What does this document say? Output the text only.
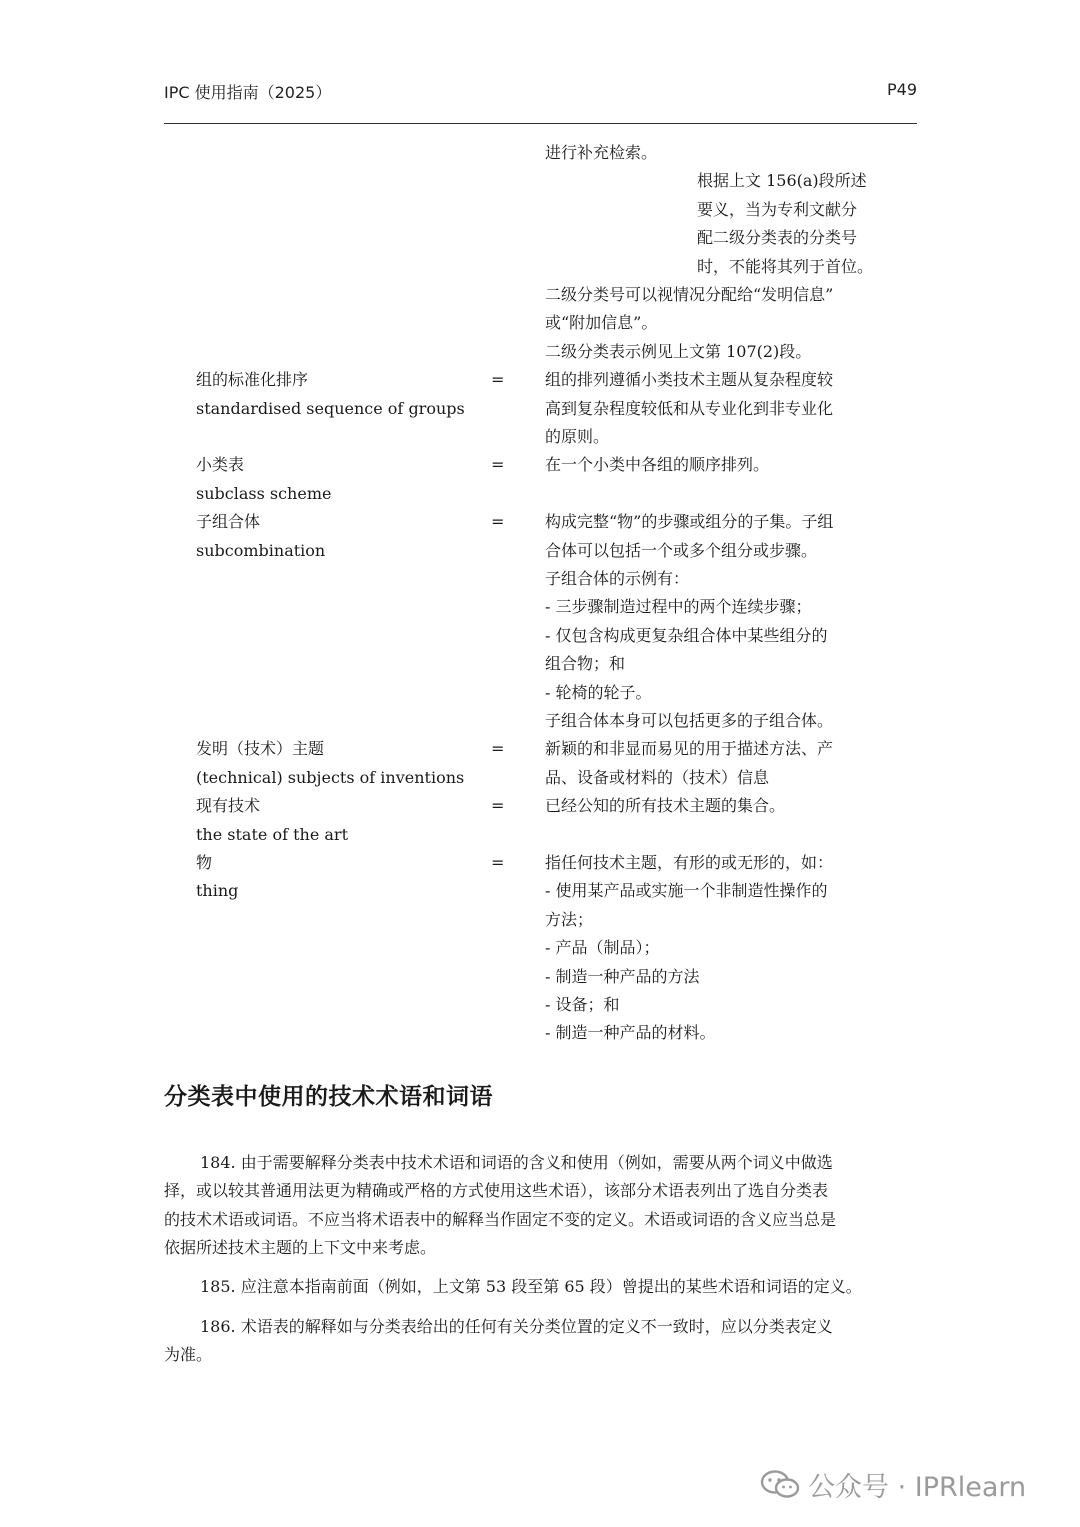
IPC 使用指南（2025）	P49
进行补充检索。
根据上文 156(a)段所述
要义，当为专利文献分
配二级分类表的分类号
时，不能将其列于首位。
二级分类号可以视情况分配给“发明信息”
或“附加信息”。
二级分类表示例见上文第 107(2)段。
组的标准化排序
standardised sequence of groups
=	组的排列遵循小类技术主题从复杂程度较
高到复杂程度较低和从专业化到非专业化
的原则。
小类表
subclass scheme
=	在一个小类中各组的顺序排列。
子组合体
subcombination
=	构成完整“物”的步骤或组分的子集。子组
合体可以包括一个或多个组分或步骤。
子组合体的示例有：
- 三步骤制造过程中的两个连续步骤；
- 仅包含构成更复杂组合体中某些组分的
组合物；和
- 轮椅的轮子。
子组合体本身可以包括更多的子组合体。
发明（技术）主题
(technical) subjects of inventions
=	新颖的和非显而易见的用于描述方法、产
品、设备或材料的（技术）信息
现有技术
the state of the art
=	已经公知的所有技术主题的集合。
物
thing
=	指任何技术主题，有形的或无形的，如：
- 使用某产品或实施一个非制造性操作的
方法；
- 产品（制品）；
- 制造一种产品的方法
- 设备；和
- 制造一种产品的材料。
分类表中使用的技术术语和词语
184. 由于需要解释分类表中技术术语和词语的含义和使用（例如，需要从两个词义中做选
择，或以较其普通用法更为精确或严格的方式使用这些术语），该部分术语表列出了选自分类表
的技术术语或词语。不应当将术语表中的解释当作固定不变的定义。术语或词语的含义应当总是
依据所述技术主题的上下文中来考虑。
185. 应注意本指南前面（例如，上文第 53 段至第 65 段）曾提出的某些术语和词语的定义。
186. 术语表的解释如与分类表给出的任何有关分类位置的定义不一致时，应以分类表定义
为准。
公众号 · IPRlearn
